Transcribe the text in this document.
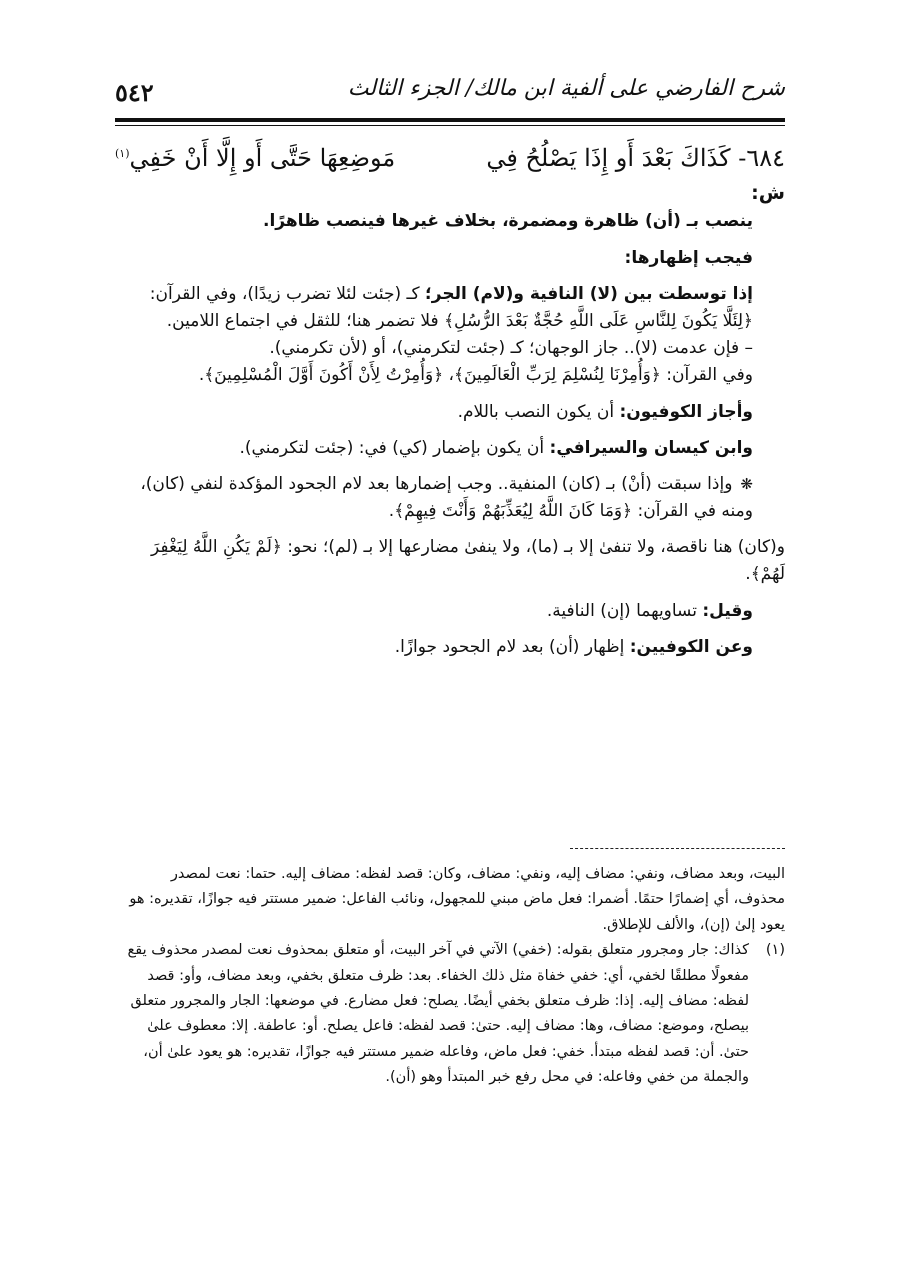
شرح الفارضي على ألفية ابن مالك/ الجزء الثالث
٥٤٢
٦٨٤- كَذَاكَ بَعْدَ أَو إِذَا يَصْلُحُ فِي
مَوضِعِهَا حَتَّى أَو إِلَّا أَنْ خَفِي$^{(١)}$

ش:

ينصب بـ (أن) ظاهرة ومضمرة، بخلاف غيرها فينصب ظاهرًا.

فيجب إظهارها:

إذا توسطت بين (لا) النافية و(لام) الجر؛ كـ (جئت لئلا تضرب زيدًا)، وفي القرآن:
﴿لِئَلَّا يَكُونَ لِلنَّاسِ عَلَى اللَّهِ حُجَّةٌ بَعْدَ الرُّسُلِ﴾ فلا تضمر هنا؛ للثقل في اجتماع اللامين.

– فإن عدمت (لا).. جاز الوجهان؛ كـ (جئت لتكرمني)، أو (لأن تكرمني).

وفي القرآن: ﴿وَأُمِرْنَا لِنُسْلِمَ لِرَبِّ الْعَالَمِينَ﴾، ﴿وَأُمِرْتُ لِأَنْ أَكُونَ أَوَّلَ الْمُسْلِمِينَ﴾.

وأجاز الكوفيون: أن يكون النصب باللام.

وابن كيسان والسيرافي: أن يكون بإضمار (كي) في: (جئت لتكرمني).

❋وإذا سبقت (أنْ) بـ (كان) المنفية.. وجب إضمارها بعد لام الجحود المؤكدة لنفي (كان)، ومنه في القرآن: ﴿وَمَا كَانَ اللَّهُ لِيُعَذِّبَهُمْ وَأَنْتَ فِيهِمْ﴾.

و(كان) هنا ناقصة، ولا تنفىٰ إلا بـ (ما)، ولا ينفىٰ مضارعها إلا بـ (لم)؛ نحو: ﴿لَمْ يَكُنِ اللَّهُ لِيَغْفِرَ لَهُمْ﴾.

وقيل: تساويهما (إن) النافية.

وعن الكوفيين: إظهار (أن) بعد لام الجحود جوازًا.

البيت، وبعد مضاف، ونفي: مضاف إليه، ونفي: مضاف، وكان: قصد لفظه: مضاف إليه. حتما: نعت لمصدر محذوف، أي إضمارًا حتمًا. أضمرا: فعل ماض مبني للمجهول، ونائب الفاعل: ضمير مستتر فيه جوازًا، تقديره: هو يعود إلىٰ (إن)، والألف للإطلاق.
(١)
كذاك: جار ومجرور متعلق بقوله: (خفي) الآتي في آخر البيت، أو متعلق بمحذوف نعت لمصدر محذوف يقع مفعولًا مطلقًا لخفي، أي: خفي خفاة مثل ذلك الخفاء. بعد: ظرف متعلق بخفي، وبعد مضاف، وأو: قصد لفظه: مضاف إليه. إذا: ظرف متعلق بخفي أيضًا. يصلح: فعل مضارع. في موضعها: الجار والمجرور متعلق بيصلح، وموضع: مضاف، وها: مضاف إليه. حتىٰ: قصد لفظه: فاعل يصلح. أو: عاطفة. إلا: معطوف علىٰ حتىٰ. أن: قصد لفظه مبتدأ. خفي: فعل ماض، وفاعله ضمير مستتر فيه جوازًا، تقديره: هو يعود علىٰ أن، والجملة من خفي وفاعله: في محل رفع خبر المبتدأ وهو (أن).
